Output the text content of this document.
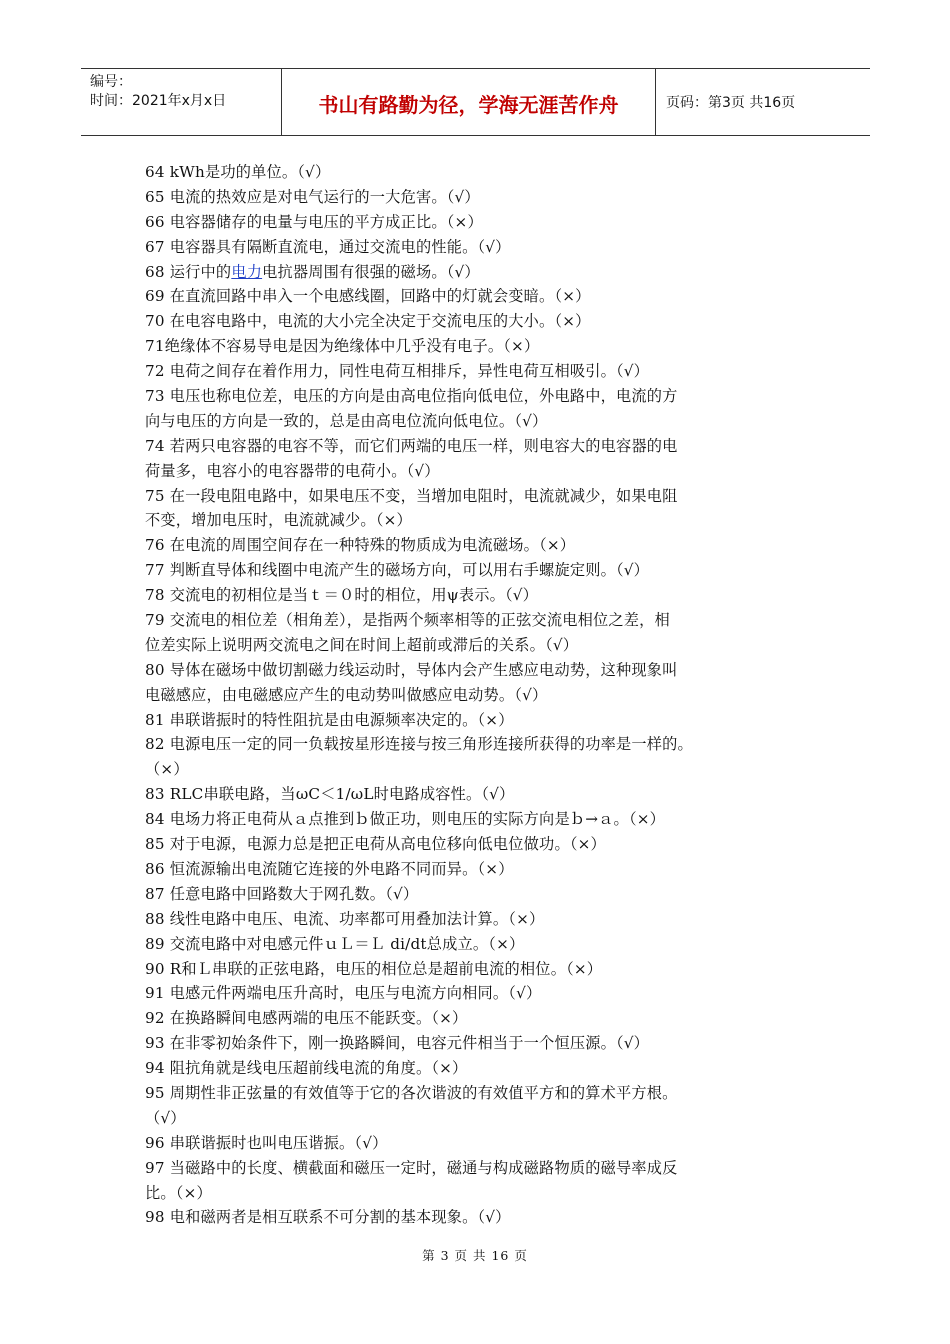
编号：
时间：2021年x月x日	书山有路勤为径，学海无涯苦作舟	页码：第3页 共16页
64 kWh是功的单位。（√）
65 电流的热效应是对电气运行的一大危害。（√）
66 电容器储存的电量与电压的平方成正比。（×）
67 电容器具有隔断直流电，通过交流电的性能。（√）
68 运行中的电力电抗器周围有很强的磁场。（√）
69 在直流回路中串入一个电感线圈，回路中的灯就会变暗。（×）
70 在电容电路中，电流的大小完全决定于交流电压的大小。（×）
71绝缘体不容易导电是因为绝缘体中几乎没有电子。（×）
72 电荷之间存在着作用力，同性电荷互相排斥，异性电荷互相吸引。（√）
73 电压也称电位差，电压的方向是由高电位指向低电位，外电路中，电流的方
向与电压的方向是一致的，总是由高电位流向低电位。（√）
74 若两只电容器的电容不等，而它们两端的电压一样，则电容大的电容器的电
荷量多，电容小的电容器带的电荷小。（√）
75 在一段电阻电路中，如果电压不变，当增加电阻时，电流就减少，如果电阻
不变，增加电压时，电流就减少。（×）
76 在电流的周围空间存在一种特殊的物质成为电流磁场。（×）
77 判断直导体和线圈中电流产生的磁场方向，可以用右手螺旋定则。（√）
78 交流电的初相位是当ｔ＝０时的相位，用ψ表示。（√）
79 交流电的相位差（相角差），是指两个频率相等的正弦交流电相位之差，相
位差实际上说明两交流电之间在时间上超前或滞后的关系。（√）
80 导体在磁场中做切割磁力线运动时，导体内会产生感应电动势，这种现象叫
电磁感应，由电磁感应产生的电动势叫做感应电动势。（√）
81 串联谐振时的特性阻抗是由电源频率决定的。（×）
82 电源电压一定的同一负载按星形连接与按三角形连接所获得的功率是一样的。
（×）
83 RLC串联电路，当ωC＜1/ωL时电路成容性。（√）
84 电场力将正电荷从ａ点推到ｂ做正功，则电压的实际方向是ｂ→ａ。（×）
85 对于电源，电源力总是把正电荷从高电位移向低电位做功。（×）
86 恒流源输出电流随它连接的外电路不同而异。（×）
87 任意电路中回路数大于网孔数。（√）
88 线性电路中电压、电流、功率都可用叠加法计算。（×）
89 交流电路中对电感元件ｕＬ＝Ｌ di/dt总成立。（×）
90 R和Ｌ串联的正弦电路，电压的相位总是超前电流的相位。（×）
91 电感元件两端电压升高时，电压与电流方向相同。（√）
92 在换路瞬间电感两端的电压不能跃变。（×）
93 在非零初始条件下，刚一换路瞬间，电容元件相当于一个恒压源。（√）
94 阻抗角就是线电压超前线电流的角度。（×）
95 周期性非正弦量的有效值等于它的各次谐波的有效值平方和的算术平方根。
（√）
96 串联谐振时也叫电压谐振。（√）
97 当磁路中的长度、横截面和磁压一定时，磁通与构成磁路物质的磁导率成反
比。（×）
98 电和磁两者是相互联系不可分割的基本现象。（√）
第 3 页 共 16 页
